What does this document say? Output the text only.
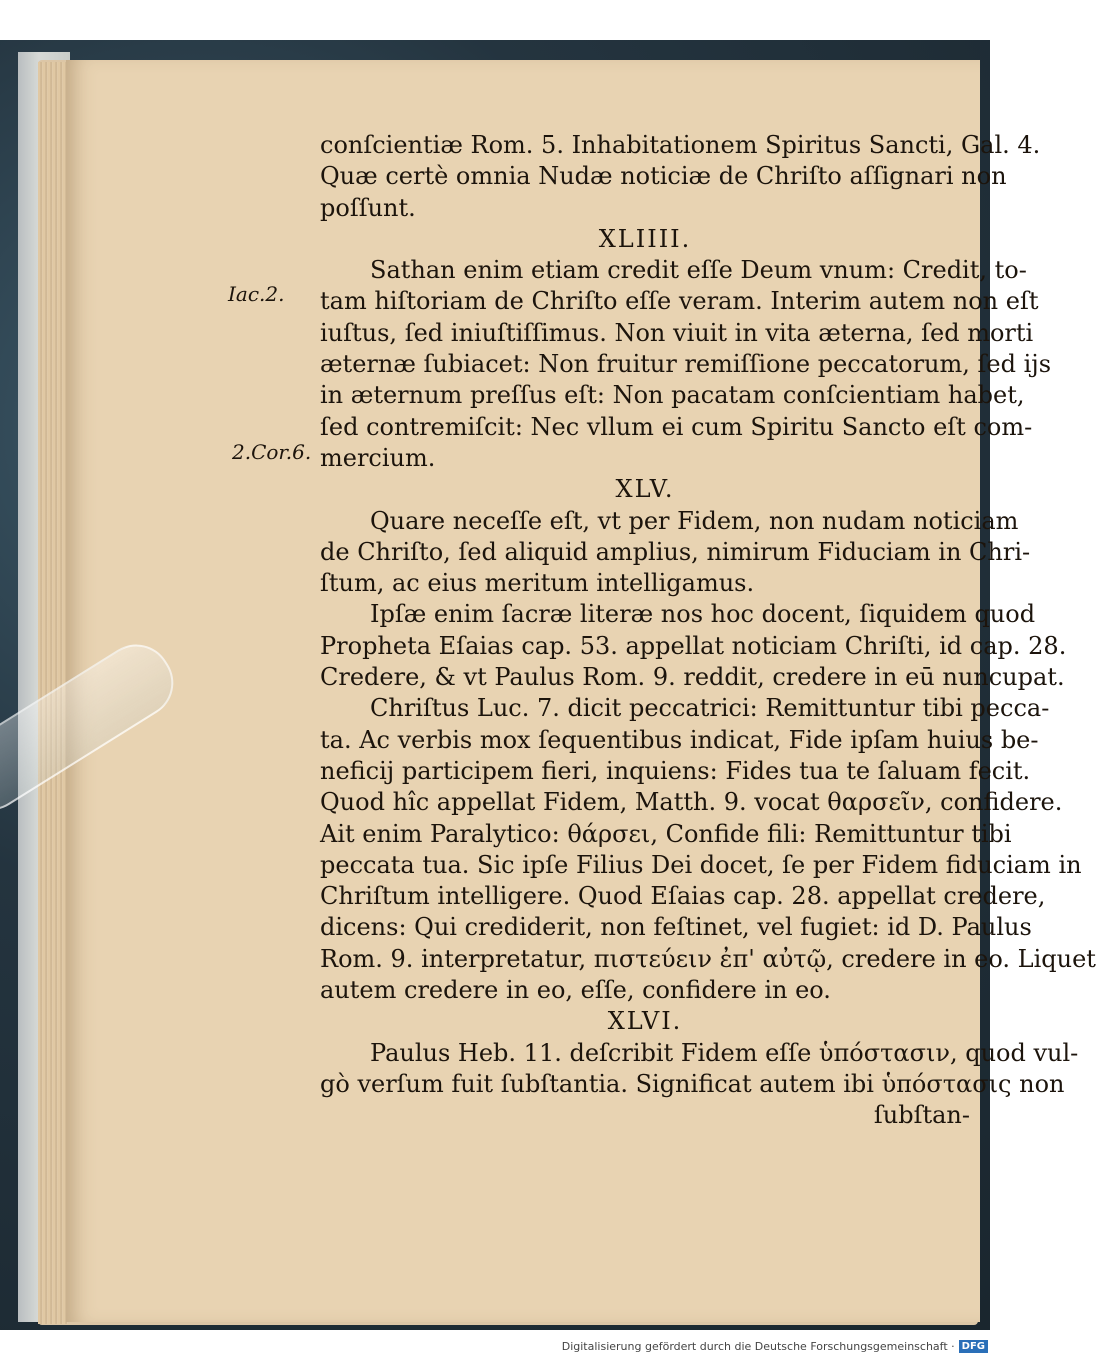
Iac.2.
2.Cor.6.
conſcientiæ Rom. 5. Inhabitationem Spiritus Sancti, Gal. 4.
Quæ certè omnia Nudæ noticiæ de Chriſto aſſignari non
poſſunt.
XLIIII.
Sathan enim etiam credit eſſe Deum vnum: Credit, to-
tam hiſtoriam de Chriſto eſſe veram. Interim autem non eſt
iuſtus, ſed iniuſtiſſimus. Non viuit in vita æterna, ſed morti
æternæ ſubiacet: Non fruitur remiſſione peccatorum, ſed ijs
in æternum preſſus eſt: Non pacatam conſcientiam habet,
ſed contremiſcit: Nec vllum ei cum Spiritu Sancto eſt com-
mercium.
XLV.
Quare neceſſe eſt, vt per Fidem, non nudam noticiam
de Chriſto, ſed aliquid amplius, nimirum Fiduciam in Chri-
ſtum, ac eius meritum intelligamus.
Ipſæ enim ſacræ literæ nos hoc docent, ſiquidem quod
Propheta Eſaias cap. 53. appellat noticiam Chriſti, id cap. 28.
Credere, & vt Paulus Rom. 9. reddit, credere in eū nuncupat.
Chriſtus Luc. 7. dicit peccatrici: Remittuntur tibi pecca-
ta. Ac verbis mox ſequentibus indicat, Fide ipſam huius be-
neficij participem fieri, inquiens: Fides tua te ſaluam fecit.
Quod hîc appellat Fidem, Matth. 9. vocat θαρσεῖν, confidere.
Ait enim Paralytico: θάρσει, Confide fili: Remittuntur tibi
peccata tua. Sic ipſe Filius Dei docet, ſe per Fidem fiduciam in
Chriſtum intelligere. Quod Eſaias cap. 28. appellat credere,
dicens: Qui crediderit, non feſtinet, vel fugiet: id D. Paulus
Rom. 9. interpretatur, πιστεύειν ἐπ' αὐτῷ, credere in eo. Liquet
autem credere in eo, eſſe, confidere in eo.
XLVI.
Paulus Heb. 11. deſcribit Fidem eſſe ὑπόστασιν, quod vul-
gò verſum fuit ſubſtantia. Significat autem ibi ὑπόστασις non
ſubſtan-
Digitalisierung gefördert durch die Deutsche Forschungsgemeinschaft · DFG
